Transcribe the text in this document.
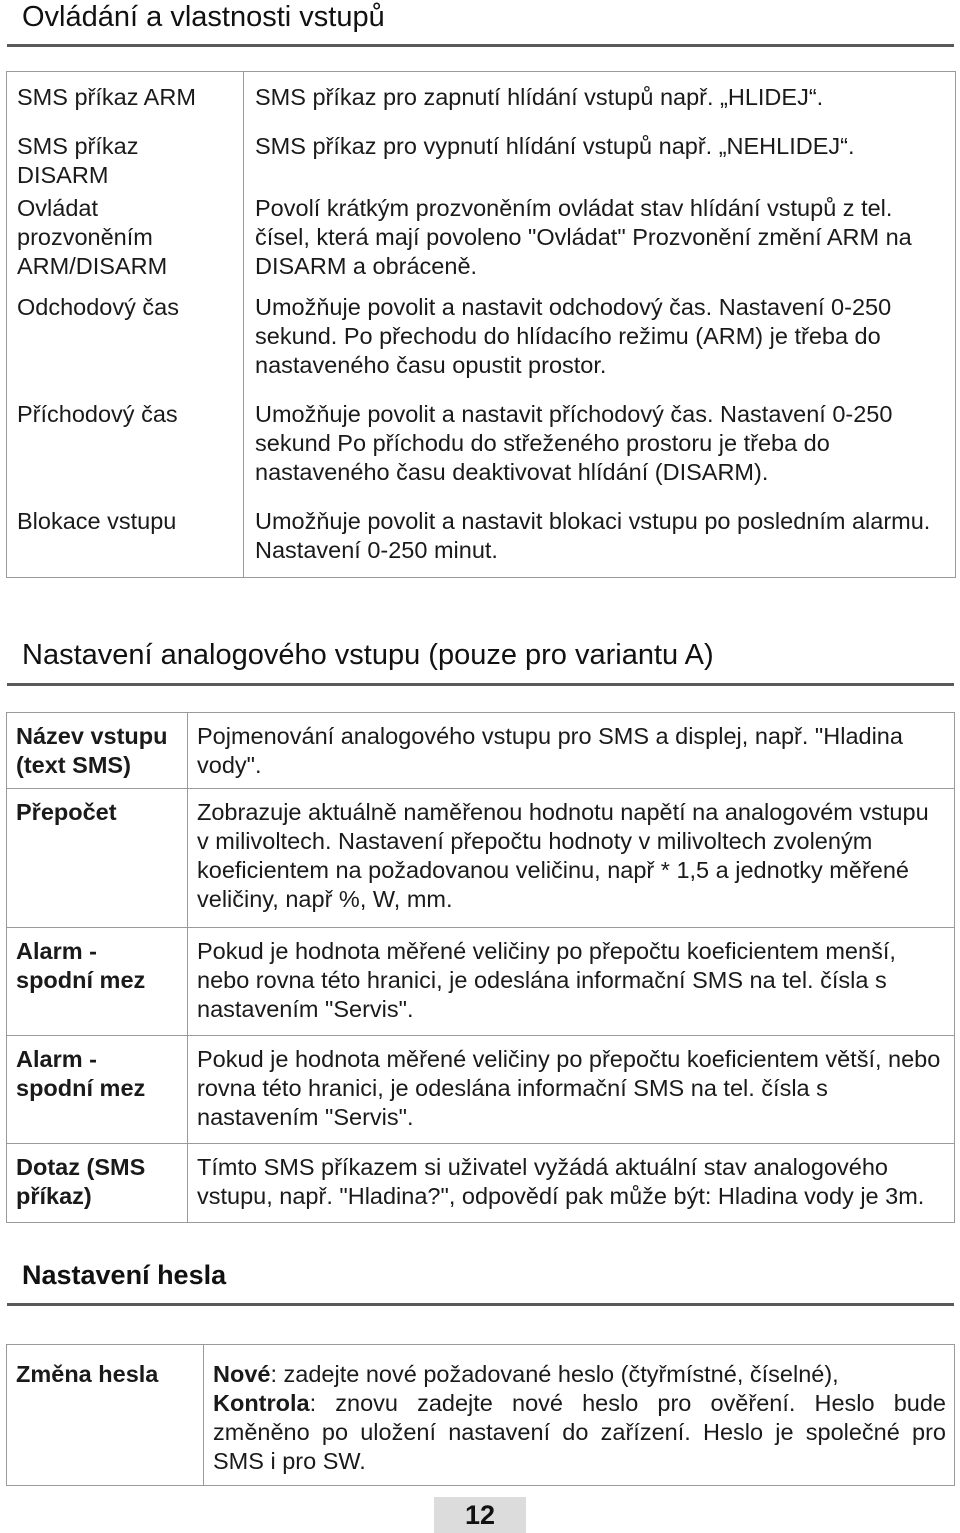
Ovládání a vlastnosti vstupů
SMS příkaz ARM	SMS příkaz pro zapnutí hlídání vstupů např. „HLIDEJ“.

SMS příkaz DISARM	SMS příkaz pro vypnutí hlídání vstupů např. „NEHLIDEJ“.

Ovládat prozvoněním ARM/DISARM	Povolí krátkým prozvoněním ovládat stav hlídání vstupů z tel. čísel, která mají povoleno "Ovládat" Prozvonění změní ARM na DISARM a obráceně.

Odchodový čas	Umožňuje povolit a nastavit odchodový čas. Nastavení 0-250 sekund. Po přechodu do hlídacího režimu (ARM) je třeba do nastaveného času opustit prostor.

Příchodový čas	Umožňuje povolit a nastavit příchodový čas. Nastavení 0-250 sekund Po příchodu do střeženého prostoru je třeba do nastaveného času deaktivovat hlídání (DISARM).

Blokace vstupu	Umožňuje povolit a nastavit blokaci vstupu po posledním alarmu. Nastavení 0-250 minut.
Nastavení analogového vstupu (pouze pro variantu A)
Název vstupu (text SMS)	Pojmenování analogového vstupu pro SMS a displej, např. "Hladina vody".

Přepočet	Zobrazuje aktuálně naměřenou hodnotu napětí na analogovém vstupu v milivoltech. Nastavení přepočtu hodnoty v milivoltech zvoleným koeficientem na požadovanou veličinu, např * 1,5 a jednotky měřené veličiny, např %, W, mm.

Alarm - spodní mez	Pokud je hodnota měřené veličiny po přepočtu koeficientem menší, nebo rovna této hranici, je odeslána informační SMS na tel. čísla s nastavením "Servis".

Alarm - spodní mez	Pokud je hodnota měřené veličiny po přepočtu koeficientem větší, nebo rovna této hranici, je odeslána informační SMS na tel. čísla s nastavením "Servis".

Dotaz (SMS příkaz)	Tímto SMS příkazem si uživatel vyžádá aktuální stav analogového vstupu, např. "Hladina?", odpovědí pak může být: Hladina vody je 3m.
Nastavení hesla
Změna hesla	Nové: zadejte nové požadované heslo (čtyřmístné, číselné),
Kontrola: znovu zadejte nové heslo pro ověření. Heslo bude změněno po uložení nastavení do zařízení. Heslo je společné pro SMS i pro SW.
12
